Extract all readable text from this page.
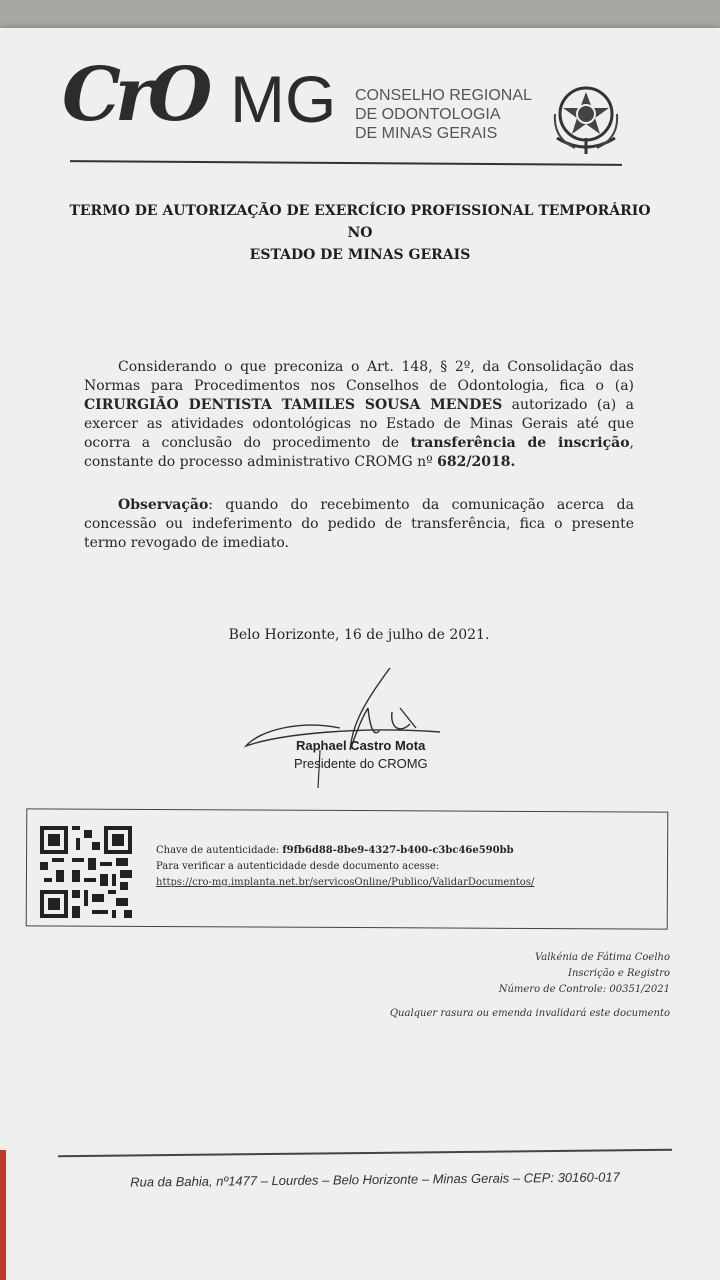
CrO MG CONSELHO REGIONAL
DE ODONTOLOGIA
DE MINAS GERAIS
TERMO DE AUTORIZAÇÃO DE EXERCÍCIO PROFISSIONAL TEMPORÁRIO NO
ESTADO DE MINAS GERAIS
Considerando o que preconiza o Art. 148, § 2º, da Consolidação das Normas para Procedimentos nos Conselhos de Odontologia, fica o (a) CIRURGIÃO DENTISTA TAMILES SOUSA MENDES autorizado (a) a exercer as atividades odontológicas no Estado de Minas Gerais até que ocorra a conclusão do procedimento de transferência de inscrição, constante do processo administrativo CROMG nº 682/2018.
Observação: quando do recebimento da comunicação acerca da concessão ou indeferimento do pedido de transferência, fica o presente termo revogado de imediato.
Belo Horizonte, 16 de julho de 2021.
Raphael Castro Mota
Presidente do CROMG
Chave de autenticidade: f9fb6d88-8be9-4327-b400-c3bc46e590bb
Para verificar a autenticidade desde documento acesse:
https://cro-mg.implanta.net.br/servicosOnline/Publico/ValidarDocumentos/
Valkénia de Fátima Coelho
Inscrição e Registro
Número de Controle: 00351/2021
Qualquer rasura ou emenda invalidará este documento
Rua da Bahia, nº1477 – Lourdes – Belo Horizonte – Minas Gerais – CEP: 30160-017
